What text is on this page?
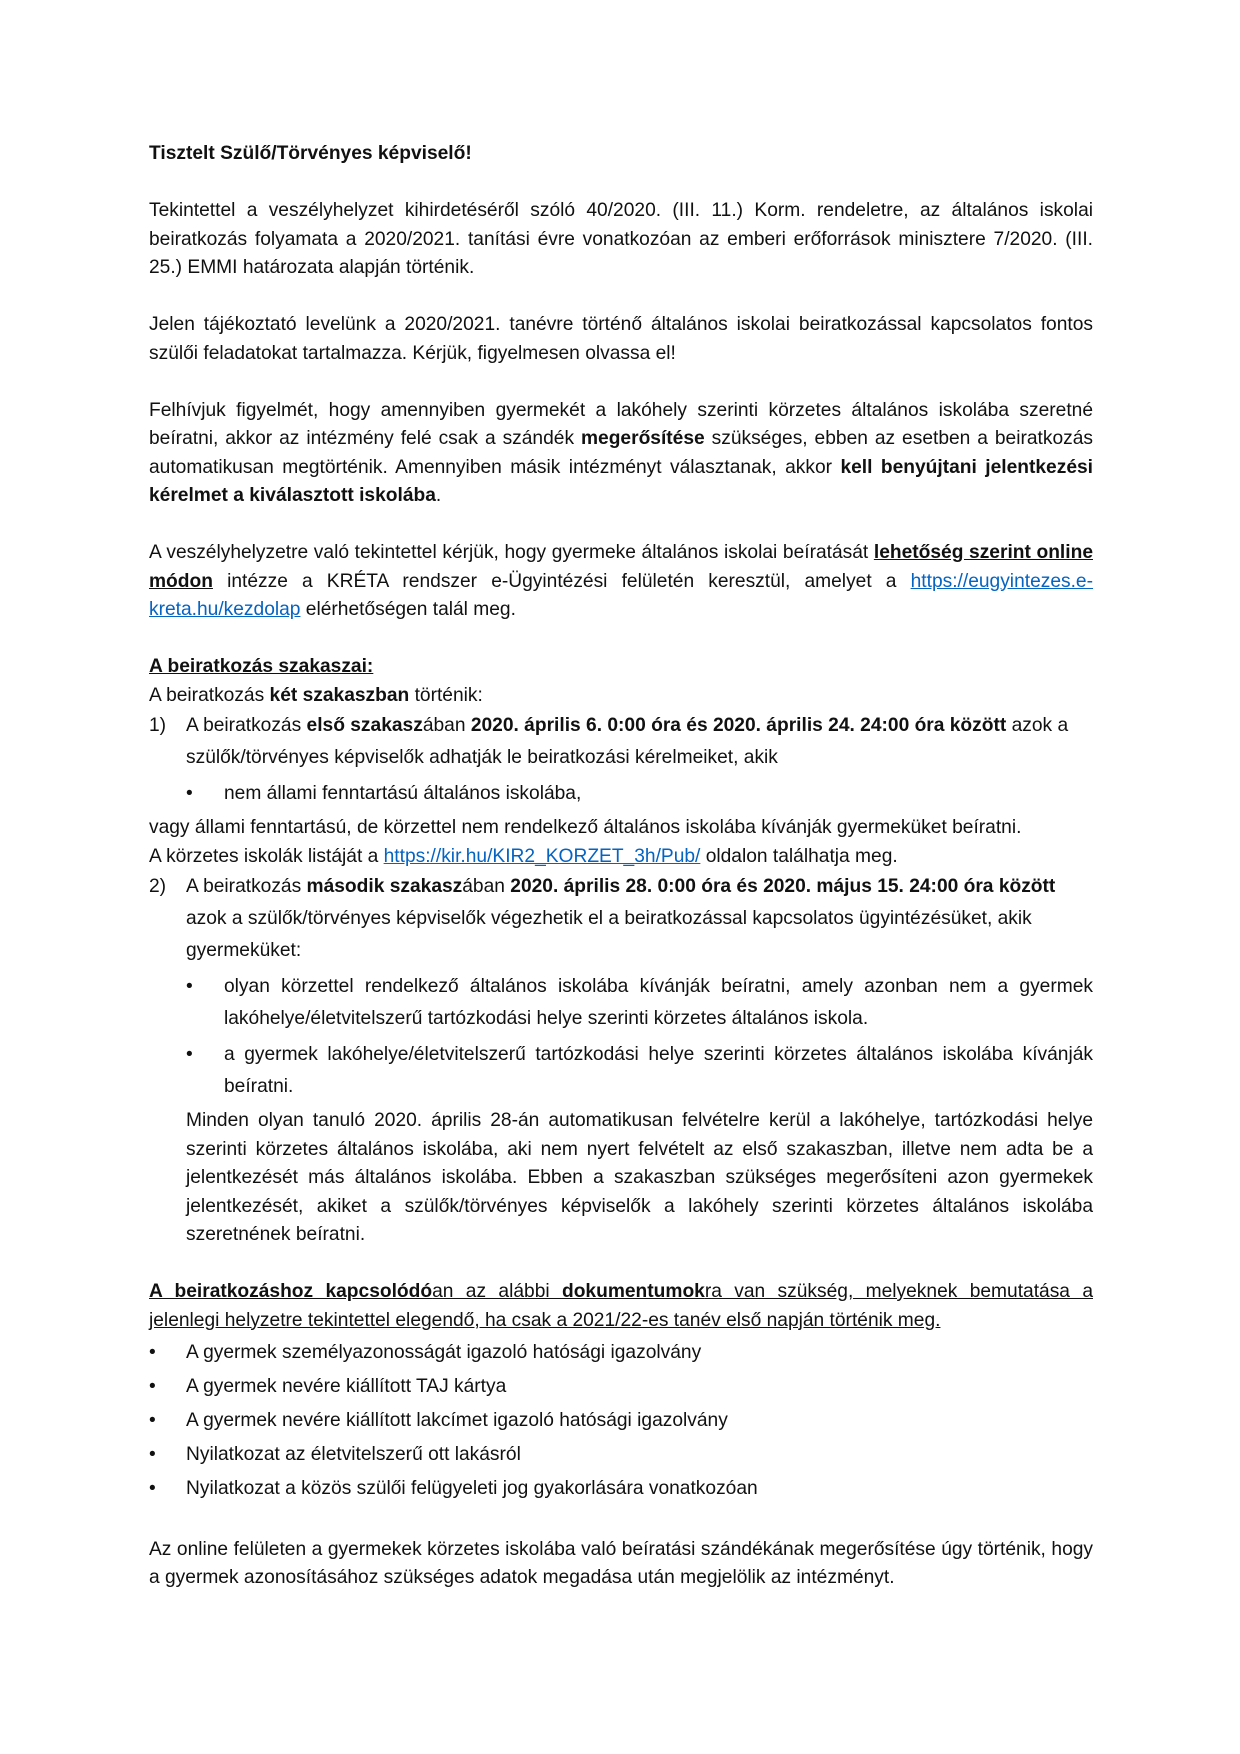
Tisztelt Szülő/Törvényes képviselő!

Tekintettel a veszélyhelyzet kihirdetéséről szóló 40/2020. (III. 11.) Korm. rendeletre, az általános iskolai beiratkozás folyamata a 2020/2021. tanítási évre vonatkozóan az emberi erőforrások minisztere 7/2020. (III. 25.) EMMI határozata alapján történik.

Jelen tájékoztató levelünk a 2020/2021. tanévre történő általános iskolai beiratkozással kapcsolatos fontos szülői feladatokat tartalmazza. Kérjük, figyelmesen olvassa el!

Felhívjuk figyelmét, hogy amennyiben gyermekét a lakóhely szerinti körzetes általános iskolába szeretné beíratni, akkor az intézmény felé csak a szándék megerősítése szükséges, ebben az esetben a beiratkozás automatikusan megtörténik. Amennyiben másik intézményt választanak, akkor kell benyújtani jelentkezési kérelmet a kiválasztott iskolába.

A veszélyhelyzetre való tekintettel kérjük, hogy gyermeke általános iskolai beíratását lehetőség szerint online módon intézze a KRÉTA rendszer e-Ügyintézési felületén keresztül, amelyet a https://eugyintezes.e-kreta.hu/kezdolap elérhetőségen talál meg.

A beiratkozás szakaszai:

A beiratkozás két szakaszban történik:

1) A beiratkozás első szakaszában 2020. április 6. 0:00 óra és 2020. április 24. 24:00 óra között azok a szülők/törvényes képviselők adhatják le beiratkozási kérelmeiket, akik
• nem állami fenntartású általános iskolába,

vagy állami fenntartású, de körzettel nem rendelkező általános iskolába kívánják gyermeküket beíratni.

A körzetes iskolák listáját a https://kir.hu/KIR2_KORZET_3h/Pub/ oldalon találhatja meg.

2) A beiratkozás második szakaszában 2020. április 28. 0:00 óra és 2020. május 15. 24:00 óra között azok a szülők/törvényes képviselők végezhetik el a beiratkozással kapcsolatos ügyintézésüket, akik gyermeküket:
• olyan körzettel rendelkező általános iskolába kívánják beíratni, amely azonban nem a gyermek lakóhelye/életvitelszerű tartózkodási helye szerinti körzetes általános iskola.
• a gyermek lakóhelye/életvitelszerű tartózkodási helye szerinti körzetes általános iskolába kívánják beíratni.

Minden olyan tanuló 2020. április 28-án automatikusan felvételre kerül a lakóhelye, tartózkodási helye szerinti körzetes általános iskolába, aki nem nyert felvételt az első szakaszban, illetve nem adta be a jelentkezését más általános iskolába. Ebben a szakaszban szükséges megerősíteni azon gyermekek jelentkezését, akiket a szülők/törvényes képviselők a lakóhely szerinti körzetes általános iskolába szeretnének beíratni.

A beiratkozáshoz kapcsolódóan az alábbi dokumentumokra van szükség, melyeknek bemutatása a jelenlegi helyzetre tekintettel elegendő, ha csak a 2021/22-es tanév első napján történik meg.

• A gyermek személyazonosságát igazoló hatósági igazolvány
• A gyermek nevére kiállított TAJ kártya
• A gyermek nevére kiállított lakcímet igazoló hatósági igazolvány
• Nyilatkozat az életvitelszerű ott lakásról
• Nyilatkozat a közös szülői felügyeleti jog gyakorlására vonatkozóan

Az online felületen a gyermekek körzetes iskolába való beíratási szándékának megerősítése úgy történik, hogy a gyermek azonosításához szükséges adatok megadása után megjelölik az intézményt.
